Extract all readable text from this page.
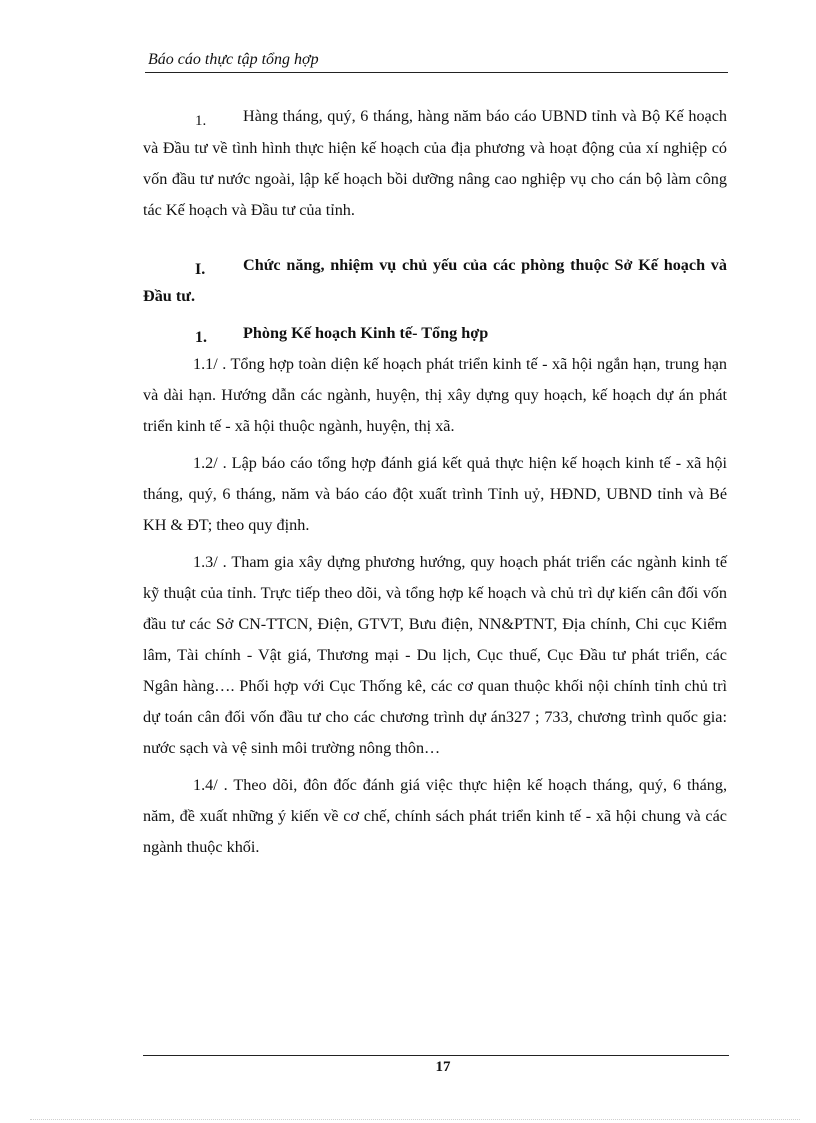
Báo cáo thực tập tổng hợp

1. Hàng tháng, quý, 6 tháng, hàng năm báo cáo UBND tỉnh và Bộ Kế hoạch và Đầu tư về tình hình thực hiện kế hoạch của địa phương và hoạt động của xí nghiệp có vốn đầu tư nước ngoài, lập kế hoạch bồi dưỡng nâng cao nghiệp vụ cho cán bộ làm công tác Kế hoạch và Đầu tư của tỉnh.

I. Chức năng, nhiệm vụ chủ yếu của các phòng thuộc Sở Kế hoạch và Đầu tư.

1. Phòng Kế hoạch Kinh tế- Tổng hợp

1.1/ . Tổng hợp toàn diện kế hoạch phát triển kinh tế - xã hội ngắn hạn, trung hạn và dài hạn. Hướng dẫn các ngành, huyện, thị xây dựng quy hoạch, kế hoạch dự án phát triển kinh tế - xã hội thuộc ngành, huyện, thị xã.

1.2/ . Lập báo cáo tổng hợp đánh giá kết quả thực hiện kế hoạch kinh tế - xã hội tháng, quý, 6 tháng, năm và báo cáo đột xuất trình Tỉnh uỷ, HĐND, UBND tỉnh và Bé KH & ĐT; theo quy định.

1.3/ . Tham gia xây dựng phương hướng, quy hoạch phát triển các ngành kinh tế kỹ thuật của tỉnh. Trực tiếp theo dõi, và tổng hợp kế hoạch và chủ trì dự kiến cân đối vốn đầu tư các Sở CN-TTCN, Điện, GTVT, Bưu điện, NN&PTNT, Địa chính, Chi cục Kiểm lâm, Tài chính - Vật giá, Thương mại - Du lịch, Cục thuế, Cục Đầu tư phát triển, các Ngân hàng…. Phối hợp với Cục Thống kê, các cơ quan thuộc khối nội chính tỉnh chủ trì dự toán cân đối vốn đầu tư cho các chương trình dự án327 ; 733, chương trình quốc gia: nước sạch và vệ sinh môi trường nông thôn…

1.4/ . Theo dõi, đôn đốc đánh giá việc thực hiện kế hoạch tháng, quý, 6 tháng, năm, đề xuất những ý kiến về cơ chế, chính sách phát triển kinh tế - xã hội chung và các ngành thuộc khối.

17
